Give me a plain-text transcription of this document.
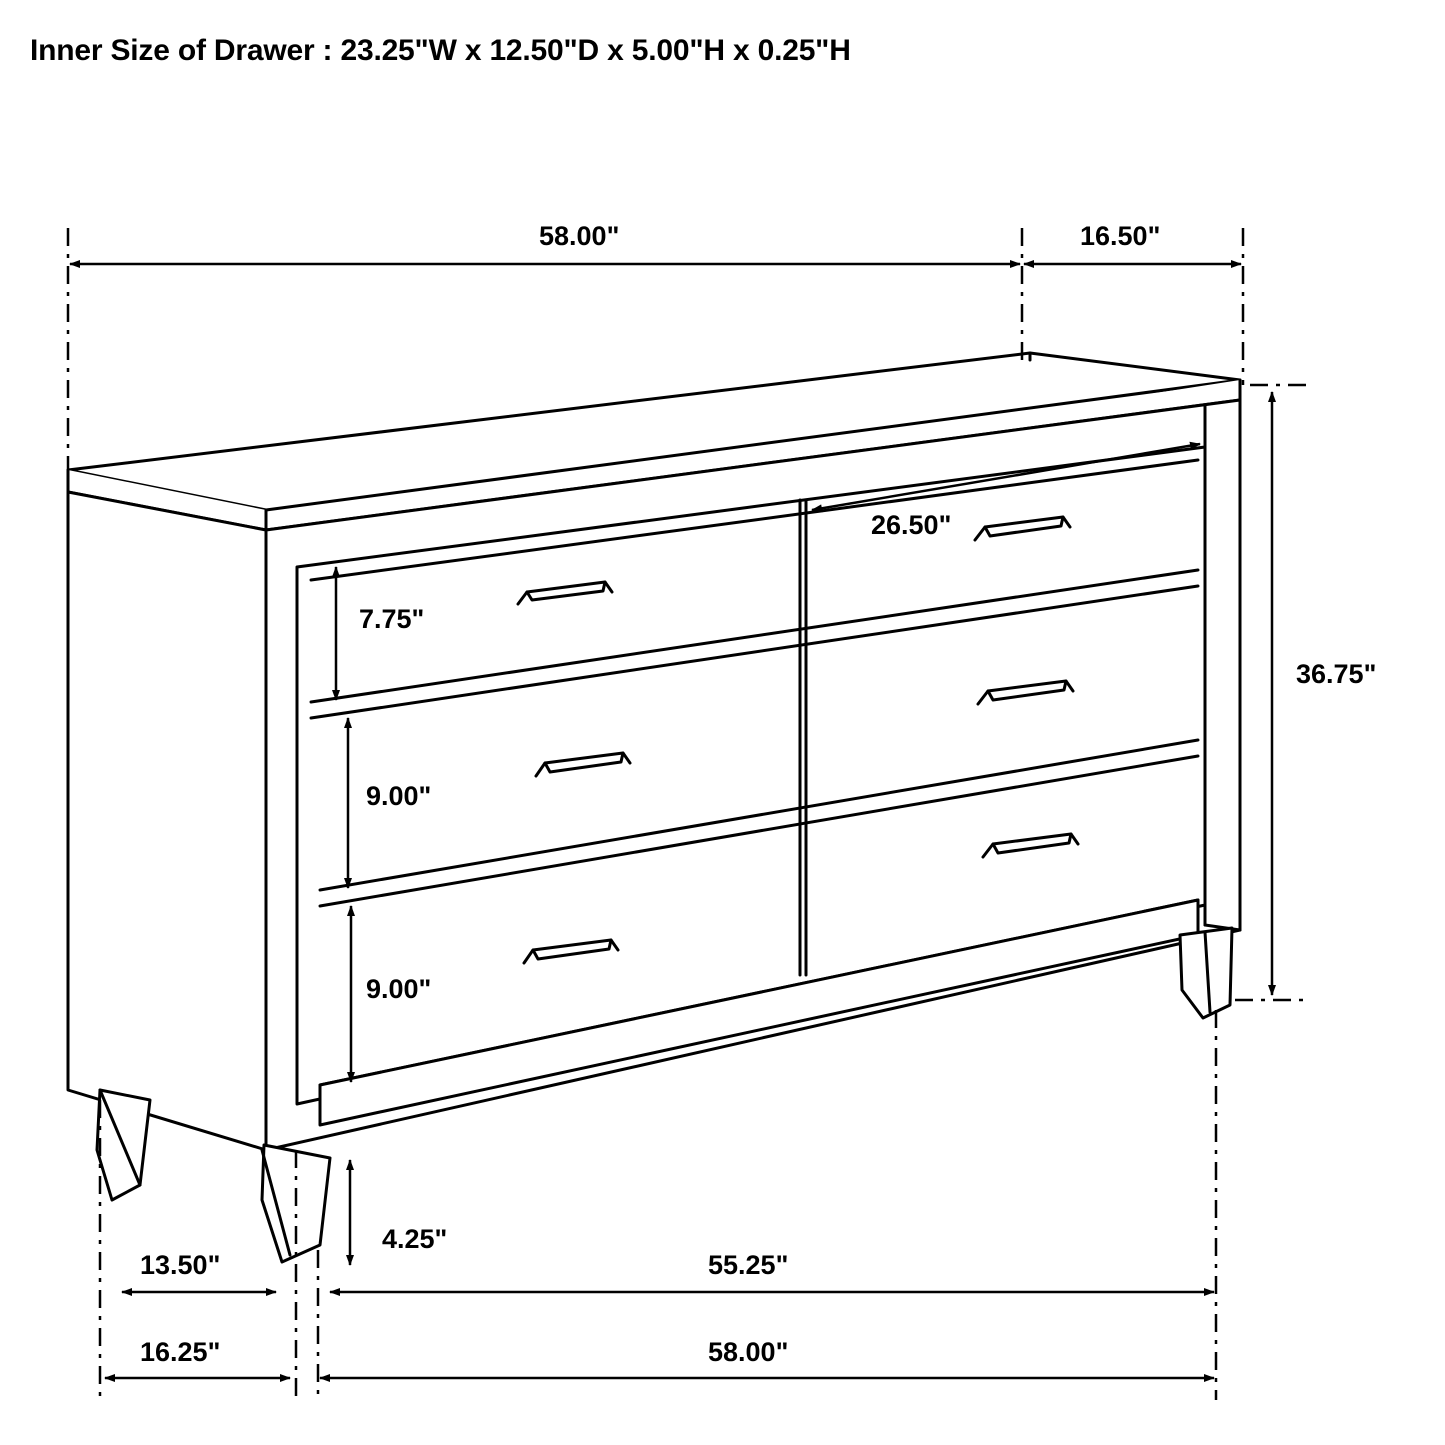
Inner Size of Drawer : 23.25"W x 12.50"D x 5.00"H x 0.25"H
58.00"	16.50"
26.50"
7.75"
9.00"
9.00"
36.75"
4.25"
13.50"
16.25"
55.25"
58.00"
